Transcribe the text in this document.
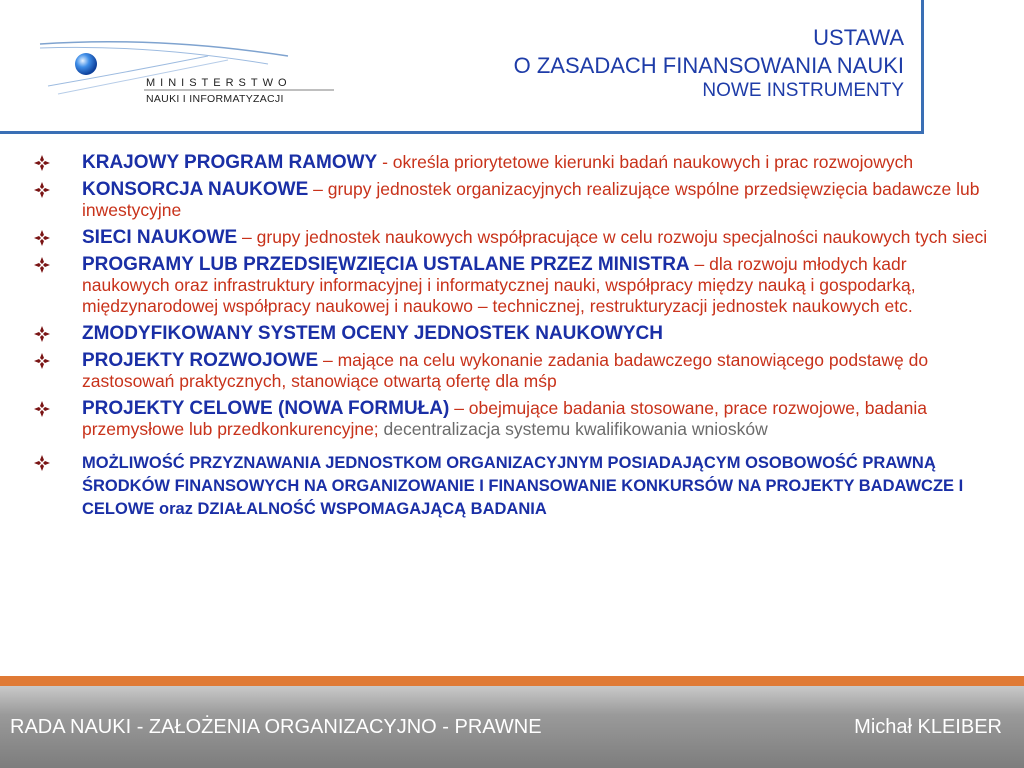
MINISTERSTWO
NAUKI I INFORMATYZACJI
USTAWA
O ZASADACH FINANSOWANIA NAUKI
NOWE INSTRUMENTY
KRAJOWY PROGRAM RAMOWY - określa priorytetowe kierunki badań naukowych i prac rozwojowych
KONSORCJA NAUKOWE – grupy jednostek organizacyjnych realizujące wspólne przedsięwzięcia badawcze lub inwestycyjne
SIECI NAUKOWE – grupy jednostek naukowych współpracujące w celu rozwoju specjalności naukowych tych sieci
PROGRAMY LUB PRZEDSIĘWZIĘCIA USTALANE PRZEZ MINISTRA – dla rozwoju młodych kadr naukowych oraz infrastruktury informacyjnej i informatycznej nauki, współpracy między nauką i gospodarką, międzynarodowej współpracy naukowej i naukowo – technicznej, restrukturyzacji jednostek naukowych etc.
ZMODYFIKOWANY SYSTEM OCENY JEDNOSTEK NAUKOWYCH
PROJEKTY ROZWOJOWE – mające na celu wykonanie zadania badawczego stanowiącego podstawę do zastosowań praktycznych, stanowiące otwartą ofertę dla mśp
PROJEKTY CELOWE (NOWA FORMUŁA) – obejmujące badania stosowane, prace rozwojowe, badania przemysłowe lub przedkonkurencyjne; decentralizacja systemu kwalifikowania wniosków
MOŻLIWOŚĆ PRZYZNAWANIA JEDNOSTKOM ORGANIZACYJNYM POSIADAJĄCYM OSOBOWOŚĆ PRAWNĄ ŚRODKÓW FINANSOWYCH NA ORGANIZOWANIE I FINANSOWANIE KONKURSÓW NA PROJEKTY BADAWCZE I CELOWE oraz DZIAŁALNOŚĆ WSPOMAGAJĄCĄ BADANIA
RADA NAUKI - ZAŁOŻENIA ORGANIZACYJNO - PRAWNE	Michał KLEIBER
